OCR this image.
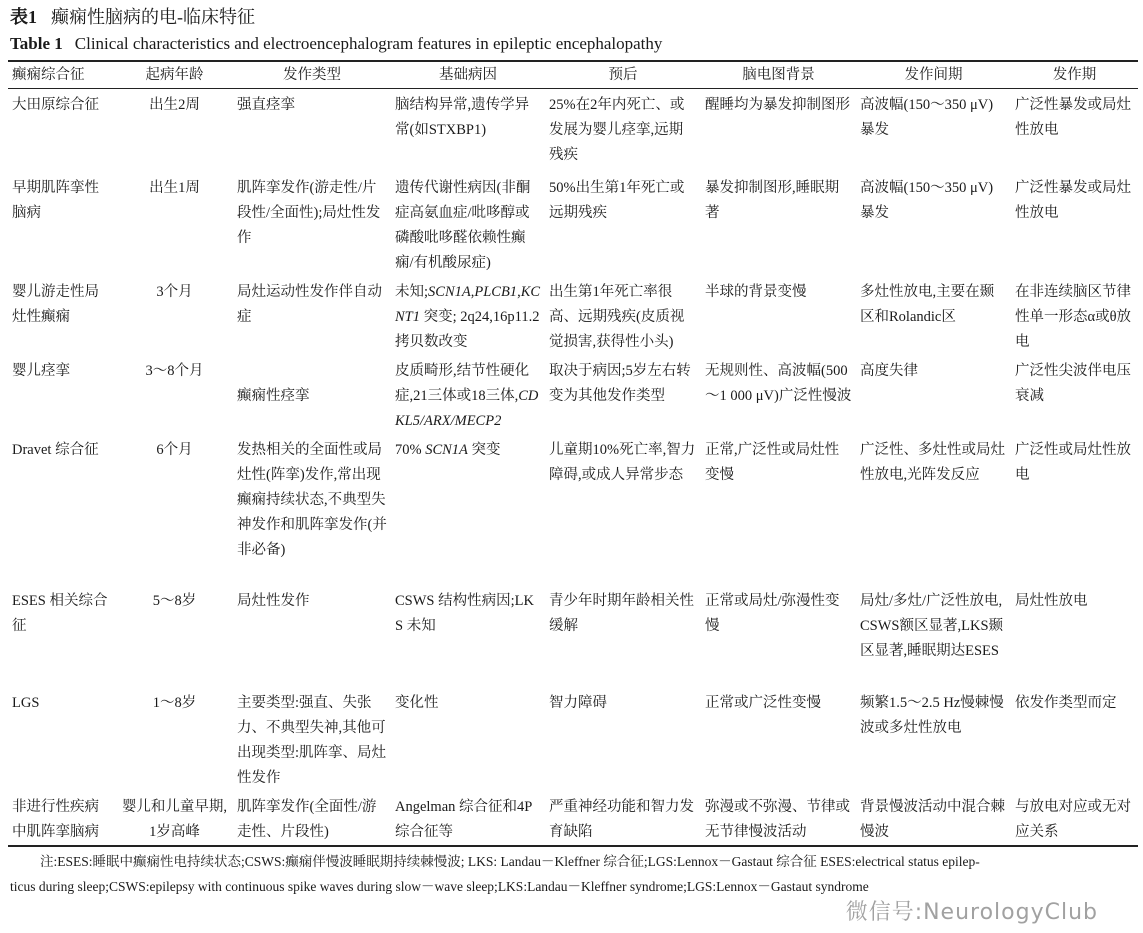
表1 癫痫性脑病的电-临床特征
Table 1 Clinical characteristics and electroencephalogram features in epileptic encephalopathy
癫痫综合征	起病年龄	发作类型	基础病因	预后	脑电图背景	发作间期	发作期
大田原综合征	出生2周	强直痉挛	脑结构异常,遗传学异常(如STXBP1)	25%在2年内死亡、或发展为婴儿痉挛,远期残疾	醒睡均为暴发抑制图形	高波幅(150～350 μV)暴发	广泛性暴发或局灶性放电
早期肌阵挛性脑病	出生1周	肌阵挛发作(游走性/片段性/全面性);局灶性发作	遗传代谢性病因(非酮症高氨血症/吡哆醇或磷酸吡哆醛依赖性癫痫/有机酸尿症)	50%出生第1年死亡或远期残疾	暴发抑制图形,睡眠期著	高波幅(150～350 μV)暴发	广泛性暴发或局灶性放电
婴儿游走性局灶性癫痫	3个月	局灶运动性发作伴自动症	未知;SCN1A,PLCB1,KCNT1 突变; 2q24,16p11.2 拷贝数改变	出生第1年死亡率很高、远期残疾(皮质视觉损害,获得性小头)	半球的背景变慢	多灶性放电,主要在颞区和Rolandic区	在非连续脑区节律性单一形态α或θ放电
婴儿痉挛	3～8个月	癫痫性痉挛	皮质畸形,结节性硬化症,21三体或18三体,CDKL5/ARX/MECP2	取决于病因;5岁左右转变为其他发作类型	无规则性、高波幅(500～1 000 μV)广泛性慢波	高度失律	广泛性尖波伴电压衰减
Dravet 综合征	6个月	发热相关的全面性或局灶性(阵挛)发作,常出现癫痫持续状态,不典型失神发作和肌阵挛发作(并非必备)	70% SCN1A 突变	儿童期10%死亡率,智力障碍,或成人异常步态	正常,广泛性或局灶性变慢	广泛性、多灶性或局灶性放电,光阵发反应	广泛性或局灶性放电
ESES 相关综合征	5～8岁	局灶性发作	CSWS 结构性病因;LKS 未知	青少年时期年龄相关性缓解	正常或局灶/弥漫性变慢	局灶/多灶/广泛性放电,CSWS额区显著,LKS颞区显著,睡眠期达ESES	局灶性放电
LGS	1～8岁	主要类型:强直、失张力、不典型失神,其他可出现类型:肌阵挛、局灶性发作	变化性	智力障碍	正常或广泛性变慢	频繁1.5～2.5 Hz慢棘慢波或多灶性放电	依发作类型而定
非进行性疾病中肌阵挛脑病	婴儿和儿童早期,1岁高峰	肌阵挛发作(全面性/游走性、片段性)	Angelman 综合征和4P综合征等	严重神经功能和智力发育缺陷	弥漫或不弥漫、节律或无节律慢波活动	背景慢波活动中混合棘慢波	与放电对应或无对应关系
注:ESES:睡眠中癫痫性电持续状态;CSWS:癫痫伴慢波睡眠期持续棘慢波; LKS: Landau－Kleffner 综合征;LGS:Lennox－Gastaut 综合征 ESES:electrical status epilep-
ticus during sleep;CSWS:epilepsy with continuous spike waves during slow－wave sleep;LKS:Landau－Kleffner syndrome;LGS:Lennox－Gastaut syndrome
微信号:NeurologyClub
